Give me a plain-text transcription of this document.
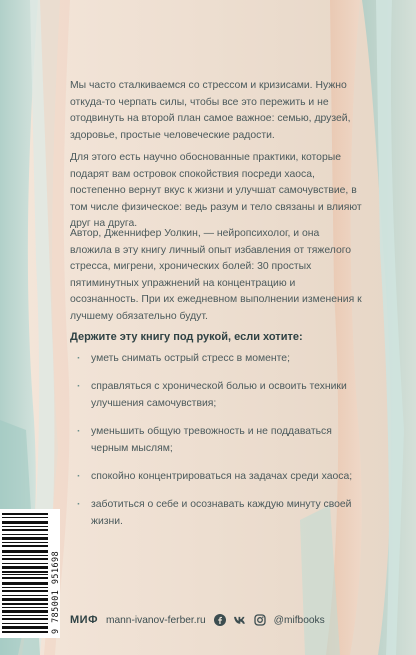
Мы часто сталкиваемся со стрессом и кризисами. Нужно откуда-то черпать силы, чтобы все это пережить и не отодвинуть на второй план самое важное: семью, друзей, здоровье, простые человеческие радости.

Для этого есть научно обоснованные практики, которые подарят вам островок спокойствия посреди хаоса, постепенно вернут вкус к жизни и улучшат самочувствие, в том числе физическое: ведь разум и тело связаны и влияют друг на друга.

Автор, Дженнифер Уолкин, — нейропсихолог, и она вложила в эту книгу личный опыт избавления от тяжелого стресса, мигрени, хронических болей: 30 простых пятиминутных упражнений на концентрацию и осознанность. При их ежедневном выполнении изменения к лучшему обязательно будут.

Держите эту книгу под рукой, если хотите:

· уметь снимать острый стресс в моменте;
· справляться с хронической болью и освоить техники улучшения самочувствия;
· уменьшить общую тревожность и не поддаваться черным мыслям;
· спокойно концентрироваться на задачах среди хаоса;
· заботиться о себе и осознавать каждую минуту своей жизни.
9 785001 951698 МИФ mann-ivanov-ferber.ru	@mifbooks
